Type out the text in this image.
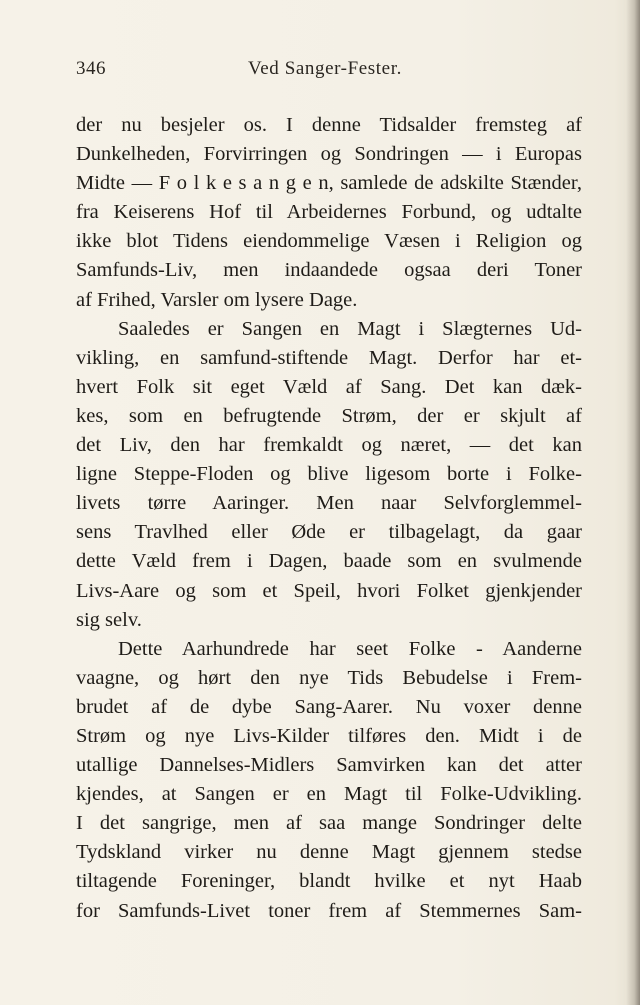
346	Ved Sanger-Fester.
der nu besjeler os. I denne Tidsalder fremsteg af
Dunkelheden, Forvirringen og Sondringen — i Europas
Midte — F o l k e s a n g e n, samlede de adskilte Stænder,
fra Keiserens Hof til Arbeidernes Forbund, og udtalte
ikke blot Tidens eiendommelige Væsen i Religion og
Samfunds-Liv, men indaandede ogsaa deri Toner
af Frihed, Varsler om lysere Dage.
Saaledes er Sangen en Magt i Slægternes Ud-
vikling, en samfund-stiftende Magt. Derfor har et-
hvert Folk sit eget Væld af Sang. Det kan dæk-
kes, som en befrugtende Strøm, der er skjult af
det Liv, den har fremkaldt og næret, — det kan
ligne Steppe-Floden og blive ligesom borte i Folke-
livets tørre Aaringer. Men naar Selvforglemmel-
sens Travlhed eller Øde er tilbagelagt, da gaar
dette Væld frem i Dagen, baade som en svulmende
Livs-Aare og som et Speil, hvori Folket gjenkjender
sig selv.
Dette Aarhundrede har seet Folke - Aanderne
vaagne, og hørt den nye Tids Bebudelse i Frem-
brudet af de dybe Sang-Aarer. Nu voxer denne
Strøm og nye Livs-Kilder tilføres den. Midt i de
utallige Dannelses-Midlers Samvirken kan det atter
kjendes, at Sangen er en Magt til Folke-Udvikling.
I det sangrige, men af saa mange Sondringer delte
Tydskland virker nu denne Magt gjennem stedse
tiltagende Foreninger, blandt hvilke et nyt Haab
for Samfunds-Livet toner frem af Stemmernes Sam-
